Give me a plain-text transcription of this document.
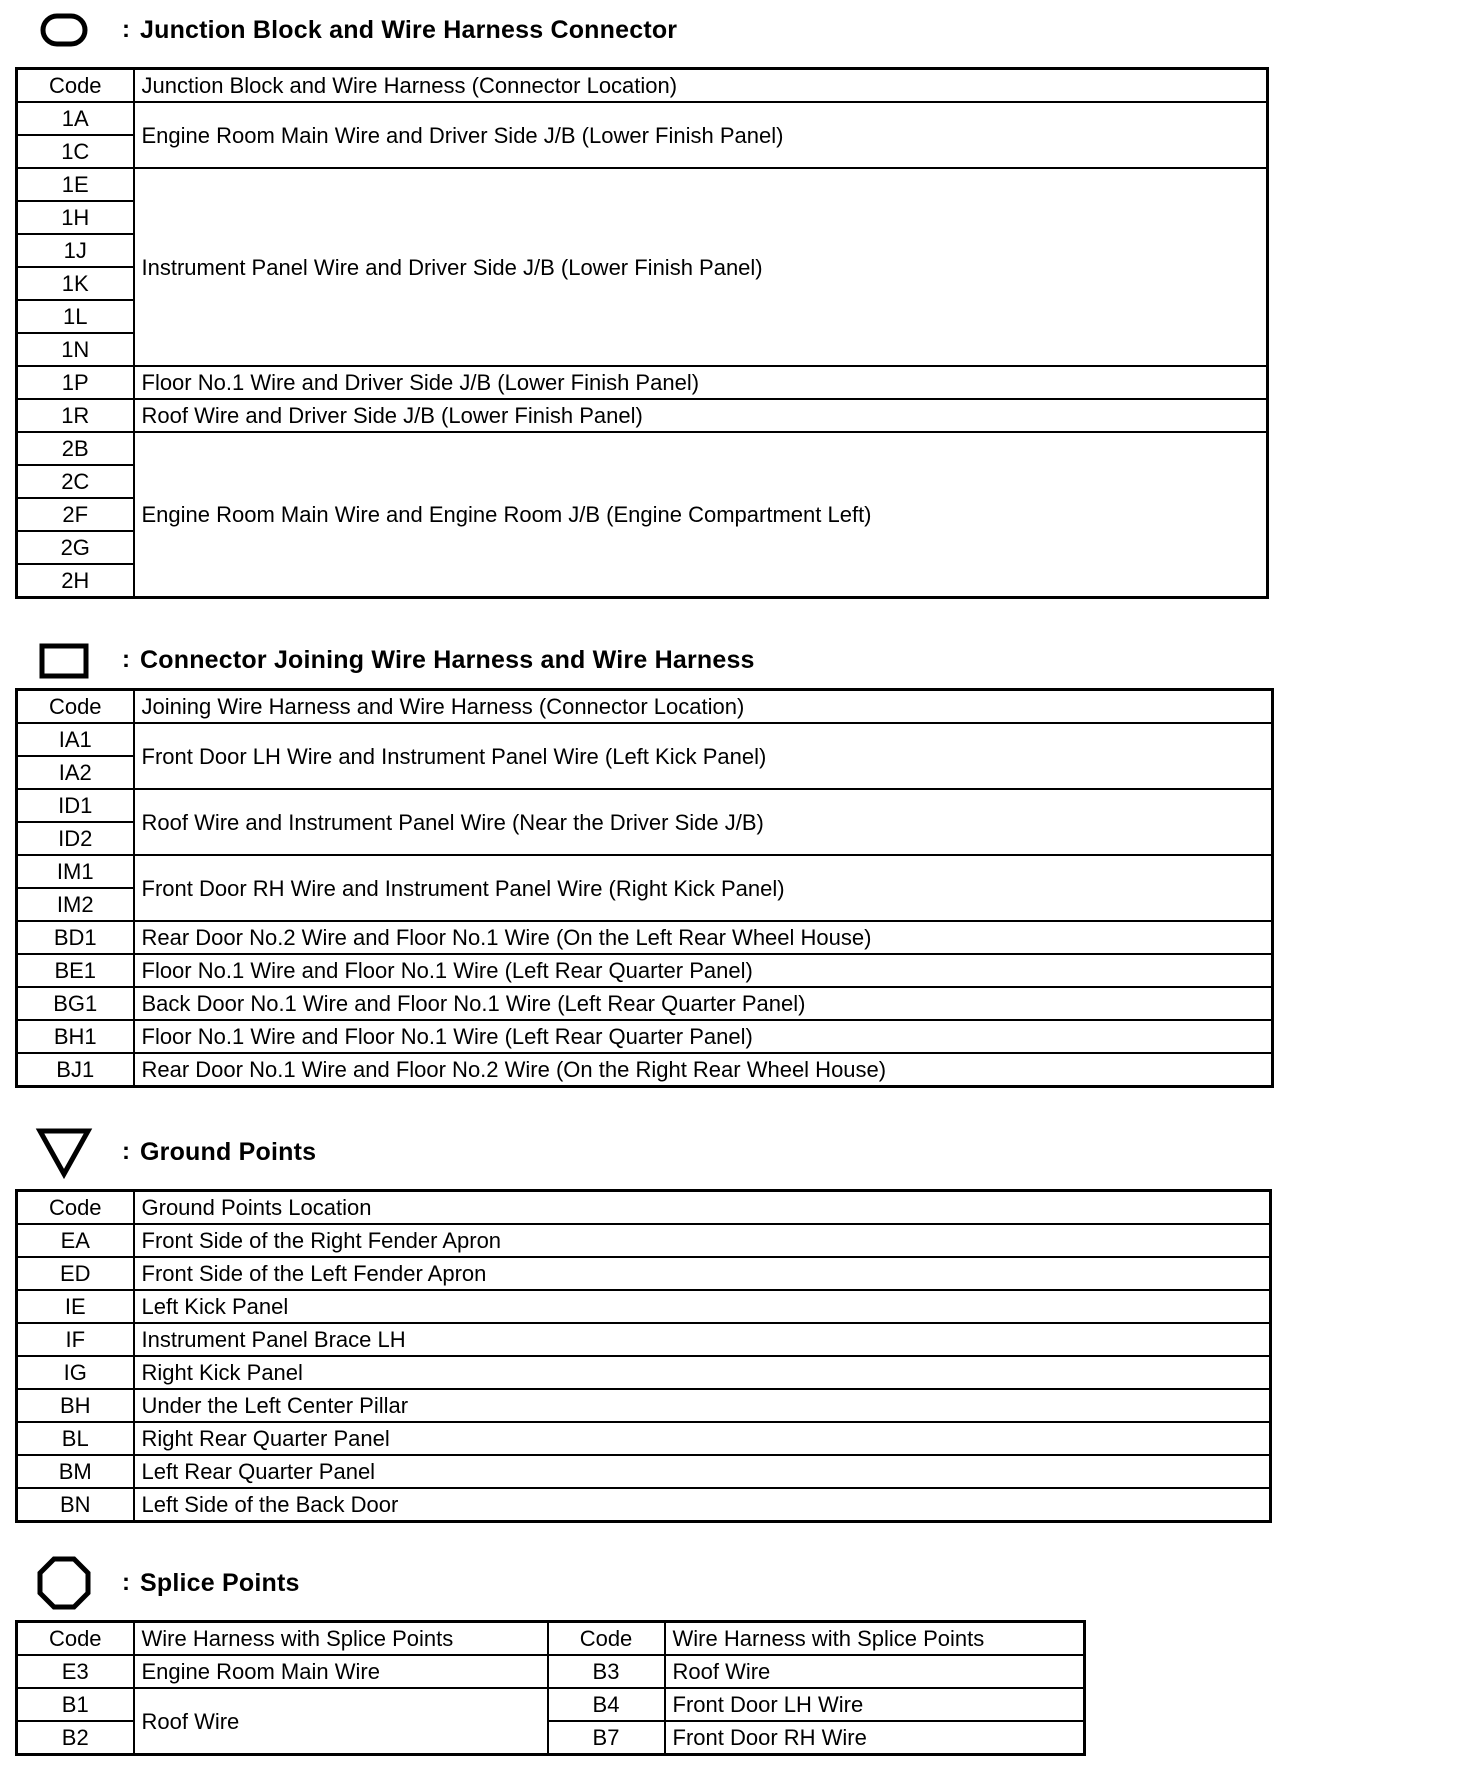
: Junction Block and Wire Harness Connector
Code	Junction Block and Wire Harness (Connector Location)
1A	Engine Room Main Wire and Driver Side J/B (Lower Finish Panel)
1C	
1E	Instrument Panel Wire and Driver Side J/B (Lower Finish Panel)
1H	
1J	
1K	
1L	
1N	
1P	Floor No.1 Wire and Driver Side J/B (Lower Finish Panel)
1R	Roof Wire and Driver Side J/B (Lower Finish Panel)
2B	Engine Room Main Wire and Engine Room J/B (Engine Compartment Left)
2C	
2F	
2G	
2H	
: Connector Joining Wire Harness and Wire Harness
Code	Joining Wire Harness and Wire Harness (Connector Location)
IA1	Front Door LH Wire and Instrument Panel Wire (Left Kick Panel)
IA2	
ID1	Roof Wire and Instrument Panel Wire (Near the Driver Side J/B)
ID2	
IM1	Front Door RH Wire and Instrument Panel Wire (Right Kick Panel)
IM2	
BD1	Rear Door No.2 Wire and Floor No.1 Wire (On the Left Rear Wheel House)
BE1	Floor No.1 Wire and Floor No.1 Wire (Left Rear Quarter Panel)
BG1	Back Door No.1 Wire and Floor No.1 Wire (Left Rear Quarter Panel)
BH1	Floor No.1 Wire and Floor No.1 Wire (Left Rear Quarter Panel)
BJ1	Rear Door No.1 Wire and Floor No.2 Wire (On the Right Rear Wheel House)
: Ground Points
Code	Ground Points Location
EA	Front Side of the Right Fender Apron
ED	Front Side of the Left Fender Apron
IE	Left Kick Panel
IF	Instrument Panel Brace LH
IG	Right Kick Panel
BH	Under the Left Center Pillar
BL	Right Rear Quarter Panel
BM	Left Rear Quarter Panel
BN	Left Side of the Back Door
: Splice Points
Code	Wire Harness with Splice Points	Code	Wire Harness with Splice Points
E3	Engine Room Main Wire	B3	Roof Wire
B1	Roof Wire	B4	Front Door LH Wire
B2		B7	Front Door RH Wire
